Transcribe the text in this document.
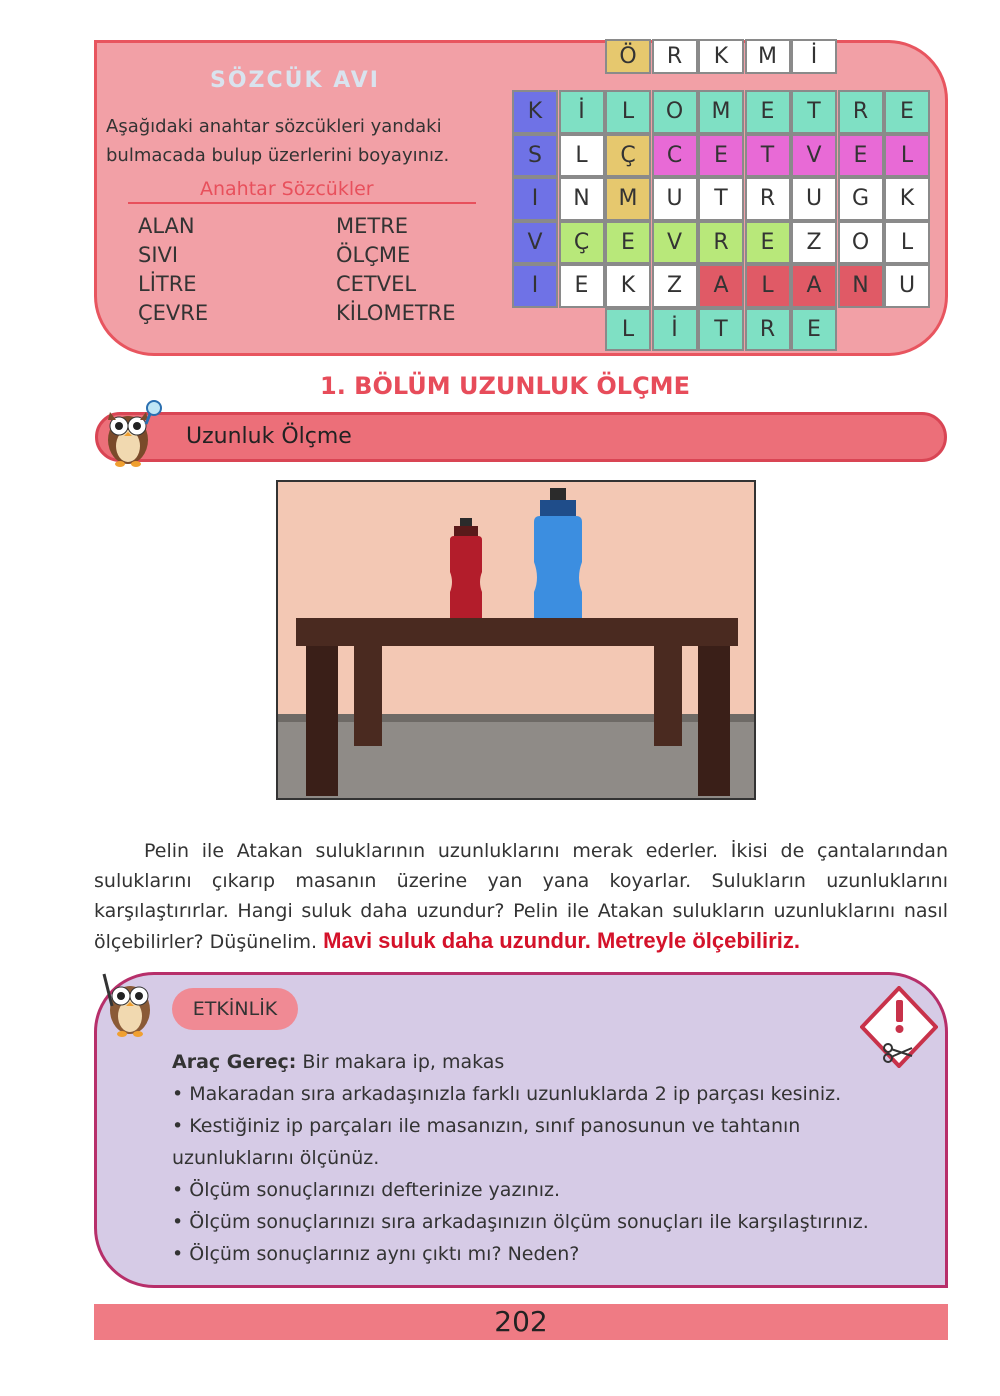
SÖZCÜK AVI
Aşağıdaki anahtar sözcükleri yandaki bulmacada bulup üzerlerini boyayınız.
Anahtar Sözcükler
ALAN
SIVI
LİTRE
ÇEVRE
METRE
ÖLÇME
CETVEL
KİLOMETRE
Ö	R	K	M	İ
K	İ	L	O	M	E	T	R	E
S	L	Ç	C	E	T	V	E	L
I	N	M	U	T	R	U	G	K
V	Ç	E	V	R	E	Z	O	L
I	E	K	Z	A	L	A	N	U
L	İ	T	R	E
1. BÖLÜM UZUNLUK ÖLÇME
Uzunluk Ölçme
Pelin ile Atakan suluklarının uzunluklarını merak ederler. İkisi de çantalarından suluklarını çıkarıp masanın üzerine yan yana koyarlar. Sulukların uzunluklarını karşılaştırırlar. Hangi suluk daha uzundur? Pelin ile Atakan sulukların uzunluklarını nasıl ölçebilirler? Düşünelim. Mavi suluk daha uzundur. Metreyle ölçebiliriz.
ETKİNLİK
Araç Gereç: Bir makara ip, makas
• Makaradan sıra arkadaşınızla farklı uzunluklarda 2 ip parçası kesiniz.
• Kestiğiniz ip parçaları ile masanızın, sınıf panosunun ve tahtanın uzunluklarını ölçünüz.
• Ölçüm sonuçlarınızı defterinize yazınız.
• Ölçüm sonuçlarınızı sıra arkadaşınızın ölçüm sonuçları ile karşılaştırınız.
• Ölçüm sonuçlarınız aynı çıktı mı? Neden?
202
